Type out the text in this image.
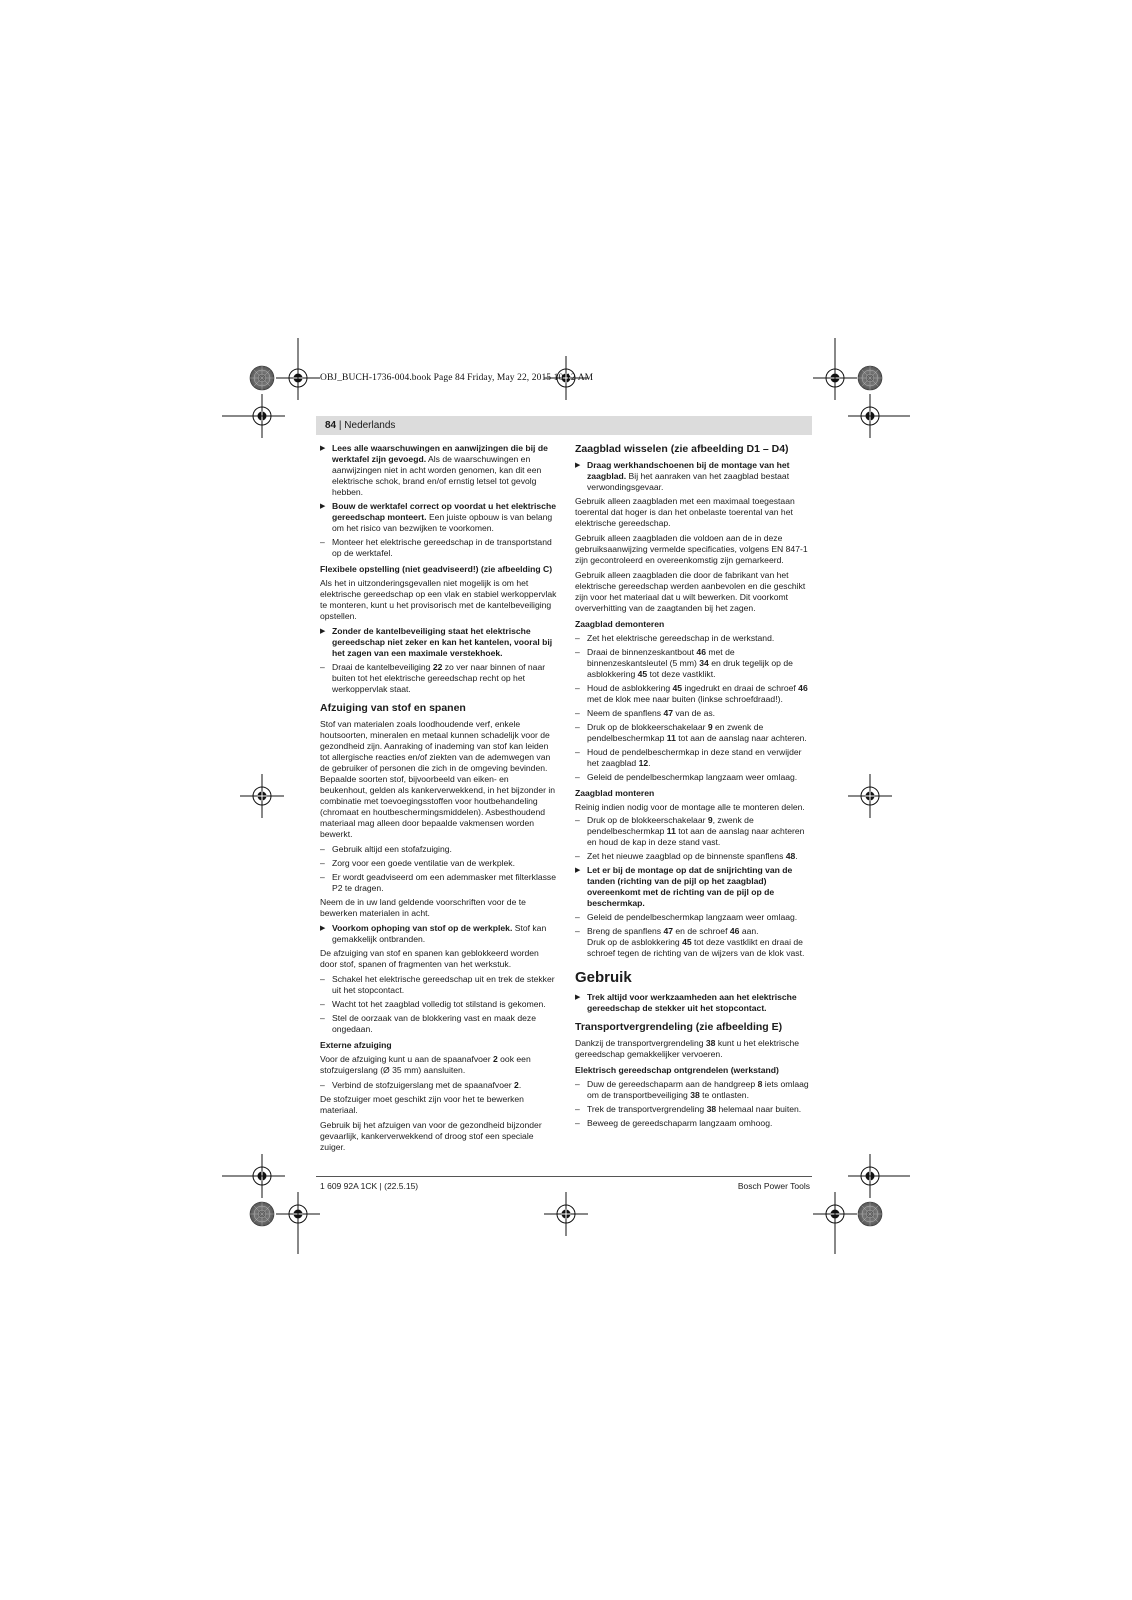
OBJ_BUCH-1736-004.book Page 84 Friday, May 22, 2015 10:12 AM
84 | Nederlands
▶ Lees alle waarschuwingen en aanwijzingen die bij de werktafel zijn gevoegd. Als de waarschuwingen en aanwijzingen niet in acht worden genomen, kan dit een elektrische schok, brand en/of ernstig letsel tot gevolg hebben.
▶ Bouw de werktafel correct op voordat u het elektrische gereedschap monteert. Een juiste opbouw is van belang om het risico van bezwijken te voorkomen.
– Monteer het elektrische gereedschap in de transportstand op de werktafel.
Flexibele opstelling (niet geadviseerd!) (zie afbeelding C)

Als het in uitzonderingsgevallen niet mogelijk is om het elektrische gereedschap op een vlak en stabiel werkoppervlak te monteren, kunt u het provisorisch met de kantelbeveiliging opstellen.

▶ Zonder de kantelbeveiliging staat het elektrische gereedschap niet zeker en kan het kantelen, vooral bij het zagen van een maximale verstekhoek.
– Draai de kantelbeveiliging 22 zo ver naar binnen of naar buiten tot het elektrische gereedschap recht op het werkoppervlak staat.
Afzuiging van stof en spanen

Stof van materialen zoals loodhoudende verf, enkele houtsoorten, mineralen en metaal kunnen schadelijk voor de gezondheid zijn. Aanraking of inademing van stof kan leiden tot allergische reacties en/of ziekten van de ademwegen van de gebruiker of personen die zich in de omgeving bevinden.

Bepaalde soorten stof, bijvoorbeeld van eiken- en beukenhout, gelden als kankerverwekkend, in het bijzonder in combinatie met toevoegingsstoffen voor houtbehandeling (chromaat en houtbeschermingsmiddelen). Asbesthoudend materiaal mag alleen door bepaalde vakmensen worden bewerkt.

– Gebruik altijd een stofafzuiging.
– Zorg voor een goede ventilatie van de werkplek.
– Er wordt geadviseerd om een ademmasker met filterklasse P2 te dragen.

Neem de in uw land geldende voorschriften voor de te bewerken materialen in acht.

▶ Voorkom ophoping van stof op de werkplek. Stof kan gemakkelijk ontbranden.

De afzuiging van stof en spanen kan geblokkeerd worden door stof, spanen of fragmenten van het werkstuk.

– Schakel het elektrische gereedschap uit en trek de stekker uit het stopcontact.
– Wacht tot het zaagblad volledig tot stilstand is gekomen.
– Stel de oorzaak van de blokkering vast en maak deze ongedaan.
Externe afzuiging

Voor de afzuiging kunt u aan de spaanafvoer 2 ook een stofzuigerslang (Ø 35 mm) aansluiten.

– Verbind de stofzuigerslang met de spaanafvoer 2.

De stofzuiger moet geschikt zijn voor het te bewerken materiaal.

Gebruik bij het afzuigen van voor de gezondheid bijzonder gevaarlijk, kankerverwekkend of droog stof een speciale zuiger.

Zaagblad wisselen (zie afbeelding D1 – D4)
▶ Draag werkhandschoenen bij de montage van het zaagblad. Bij het aanraken van het zaagblad bestaat verwondingsgevaar.

Gebruik alleen zaagbladen met een maximaal toegestaan toerental dat hoger is dan het onbelaste toerental van het elektrische gereedschap.

Gebruik alleen zaagbladen die voldoen aan de in deze gebruiksaanwijzing vermelde specificaties, volgens EN 847-1 zijn gecontroleerd en overeenkomstig zijn gemarkeerd.

Gebruik alleen zaagbladen die door de fabrikant van het elektrische gereedschap werden aanbevolen en die geschikt zijn voor het materiaal dat u wilt bewerken. Dit voorkomt oververhitting van de zaagtanden bij het zagen.

Zaagblad demonteren
– Zet het elektrische gereedschap in de werkstand.
– Draai de binnenzeskantbout 46 met de binnenzeskantsleutel (5 mm) 34 en druk tegelijk op de asblokkering 45 tot deze vastklikt.
– Houd de asblokkering 45 ingedrukt en draai de schroef 46 met de klok mee naar buiten (linkse schroefdraad!).
– Neem de spanflens 47 van de as.
– Druk op de blokkeerschakelaar 9 en zwenk de pendelbeschermkap 11 tot aan de aanslag naar achteren.
– Houd de pendelbeschermkap in deze stand en verwijder het zaagblad 12.
– Geleid de pendelbeschermkap langzaam weer omlaag.
Zaagblad monteren

Reinig indien nodig voor de montage alle te monteren delen.

– Druk op de blokkeerschakelaar 9, zwenk de pendelbeschermkap 11 tot aan de aanslag naar achteren en houd de kap in deze stand vast.
– Zet het nieuwe zaagblad op de binnenste spanflens 48.
▶ Let er bij de montage op dat de snijrichting van de tanden (richting van de pijl op het zaagblad) overeenkomt met de richting van de pijl op de beschermkap.
– Geleid de pendelbeschermkap langzaam weer omlaag.
– Breng de spanflens 47 en de schroef 46 aan.
Druk op de asblokkering 45 tot deze vastklikt en draai de schroef tegen de richting van de wijzers van de klok vast.
Gebruik
▶ Trek altijd voor werkzaamheden aan het elektrische gereedschap de stekker uit het stopcontact.
Transportvergrendeling (zie afbeelding E)

Dankzij de transportvergrendeling 38 kunt u het elektrische gereedschap gemakkelijker vervoeren.

Elektrisch gereedschap ontgrendelen (werkstand)
– Duw de gereedschaparm aan de handgreep 8 iets omlaag om de transportbeveiliging 38 te ontlasten.
– Trek de transportvergrendeling 38 helemaal naar buiten.
– Beweeg de gereedschaparm langzaam omhoog.
1 609 92A 1CK | (22.5.15)	Bosch Power Tools
